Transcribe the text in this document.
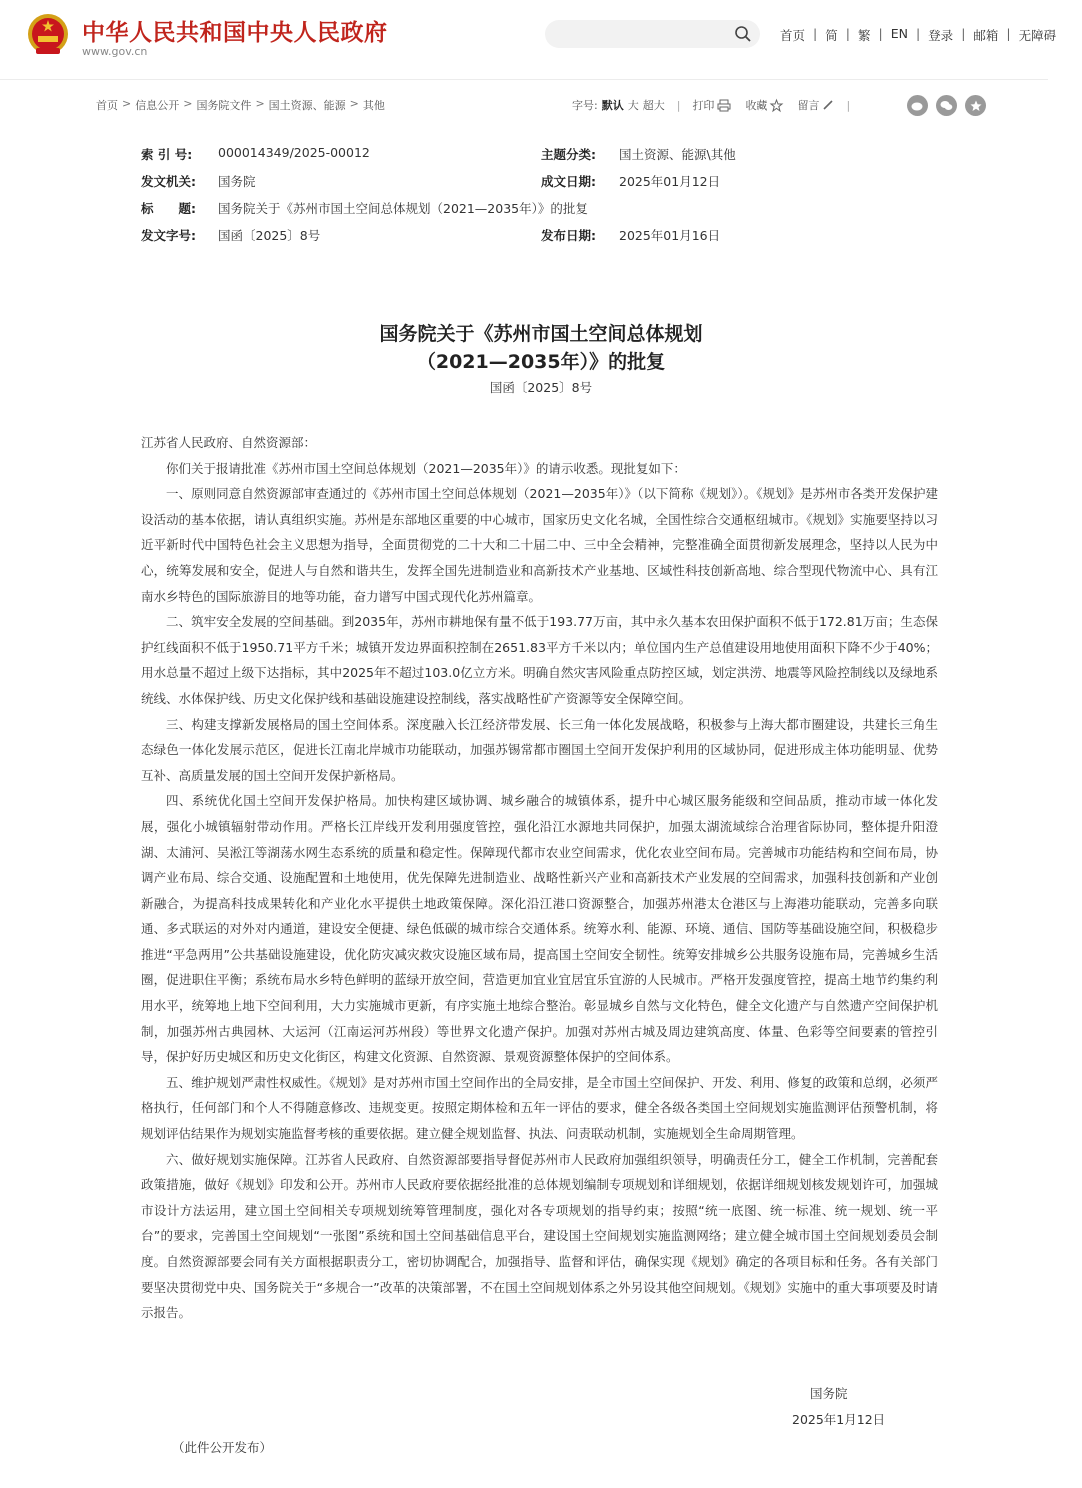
中华人民共和国中央人民政府
www.gov.cn
首页 | 简 | 繁 | EN | 登录 | 邮箱 | 无障碍
首页 > 信息公开 > 国务院文件 > 国土资源、能源 > 其他	字号: 默认 大 超大 | 打印	收藏	留言 |
索 引 号: 000014349/2025-00012	主题分类: 国土资源、能源\其他
发文机关: 国务院	成文日期: 2025年01月12日
标　　题: 国务院关于《苏州市国土空间总体规划（2021—2035年）》的批复
发文字号: 国函〔2025〕8号	发布日期: 2025年01月16日
国务院关于《苏州市国土空间总体规划
（2021—2035年）》的批复
国函〔2025〕8号

江苏省人民政府、自然资源部：

你们关于报请批准《苏州市国土空间总体规划（2021—2035年）》的请示收悉。现批复如下：

一、原则同意自然资源部审查通过的《苏州市国土空间总体规划（2021—2035年）》（以下简称《规划》）。《规划》是苏州市各类开发保护建设活动的基本依据，请认真组织实施。苏州是东部地区重要的中心城市，国家历史文化名城，全国性综合交通枢纽城市。《规划》实施要坚持以习近平新时代中国特色社会主义思想为指导，全面贯彻党的二十大和二十届二中、三中全会精神，完整准确全面贯彻新发展理念，坚持以人民为中心，统筹发展和安全，促进人与自然和谐共生，发挥全国先进制造业和高新技术产业基地、区域性科技创新高地、综合型现代物流中心、具有江南水乡特色的国际旅游目的地等功能，奋力谱写中国式现代化苏州篇章。

二、筑牢安全发展的空间基础。到2035年，苏州市耕地保有量不低于193.77万亩，其中永久基本农田保护面积不低于172.81万亩；生态保护红线面积不低于1950.71平方千米；城镇开发边界面积控制在2651.83平方千米以内；单位国内生产总值建设用地使用面积下降不少于40%；用水总量不超过上级下达指标，其中2025年不超过103.0亿立方米。明确自然灾害风险重点防控区域，划定洪涝、地震等风险控制线以及绿地系统线、水体保护线、历史文化保护线和基础设施建设控制线，落实战略性矿产资源等安全保障空间。

三、构建支撑新发展格局的国土空间体系。深度融入长江经济带发展、长三角一体化发展战略，积极参与上海大都市圈建设，共建长三角生态绿色一体化发展示范区，促进长江南北岸城市功能联动，加强苏锡常都市圈国土空间开发保护利用的区域协同，促进形成主体功能明显、优势互补、高质量发展的国土空间开发保护新格局。

四、系统优化国土空间开发保护格局。加快构建区域协调、城乡融合的城镇体系，提升中心城区服务能级和空间品质，推动市域一体化发展，强化小城镇辐射带动作用。严格长江岸线开发利用强度管控，强化沿江水源地共同保护，加强太湖流域综合治理省际协同，整体提升阳澄湖、太浦河、吴淞江等湖荡水网生态系统的质量和稳定性。保障现代都市农业空间需求，优化农业空间布局。完善城市功能结构和空间布局，协调产业布局、综合交通、设施配置和土地使用，优先保障先进制造业、战略性新兴产业和高新技术产业发展的空间需求，加强科技创新和产业创新融合，为提高科技成果转化和产业化水平提供土地政策保障。深化沿江港口资源整合，加强苏州港太仓港区与上海港功能联动，完善多向联通、多式联运的对外对内通道，建设安全便捷、绿色低碳的城市综合交通体系。统筹水利、能源、环境、通信、国防等基础设施空间，积极稳步推进“平急两用”公共基础设施建设，优化防灾减灾救灾设施区域布局，提高国土空间安全韧性。统筹安排城乡公共服务设施布局，完善城乡生活圈，促进职住平衡；系统布局水乡特色鲜明的蓝绿开放空间，营造更加宜业宜居宜乐宜游的人民城市。严格开发强度管控，提高土地节约集约利用水平，统筹地上地下空间利用，大力实施城市更新，有序实施土地综合整治。彰显城乡自然与文化特色，健全文化遗产与自然遗产空间保护机制，加强苏州古典园林、大运河（江南运河苏州段）等世界文化遗产保护。加强对苏州古城及周边建筑高度、体量、色彩等空间要素的管控引导，保护好历史城区和历史文化街区，构建文化资源、自然资源、景观资源整体保护的空间体系。

五、维护规划严肃性权威性。《规划》是对苏州市国土空间作出的全局安排，是全市国土空间保护、开发、利用、修复的政策和总纲，必须严格执行，任何部门和个人不得随意修改、违规变更。按照定期体检和五年一评估的要求，健全各级各类国土空间规划实施监测评估预警机制，将规划评估结果作为规划实施监督考核的重要依据。建立健全规划监督、执法、问责联动机制，实施规划全生命周期管理。

六、做好规划实施保障。江苏省人民政府、自然资源部要指导督促苏州市人民政府加强组织领导，明确责任分工，健全工作机制，完善配套政策措施，做好《规划》印发和公开。苏州市人民政府要依据经批准的总体规划编制专项规划和详细规划，依据详细规划核发规划许可，加强城市设计方法运用，建立国土空间相关专项规划统筹管理制度，强化对各专项规划的指导约束；按照“统一底图、统一标准、统一规划、统一平台”的要求，完善国土空间规划“一张图”系统和国土空间基础信息平台，建设国土空间规划实施监测网络；建立健全城市国土空间规划委员会制度。自然资源部要会同有关方面根据职责分工，密切协调配合，加强指导、监督和评估，确保实现《规划》确定的各项目标和任务。各有关部门要坚决贯彻党中央、国务院关于“多规合一”改革的决策部署，不在国土空间规划体系之外另设其他空间规划。《规划》实施中的重大事项要及时请示报告。

国务院
2025年1月12日
（此件公开发布）
